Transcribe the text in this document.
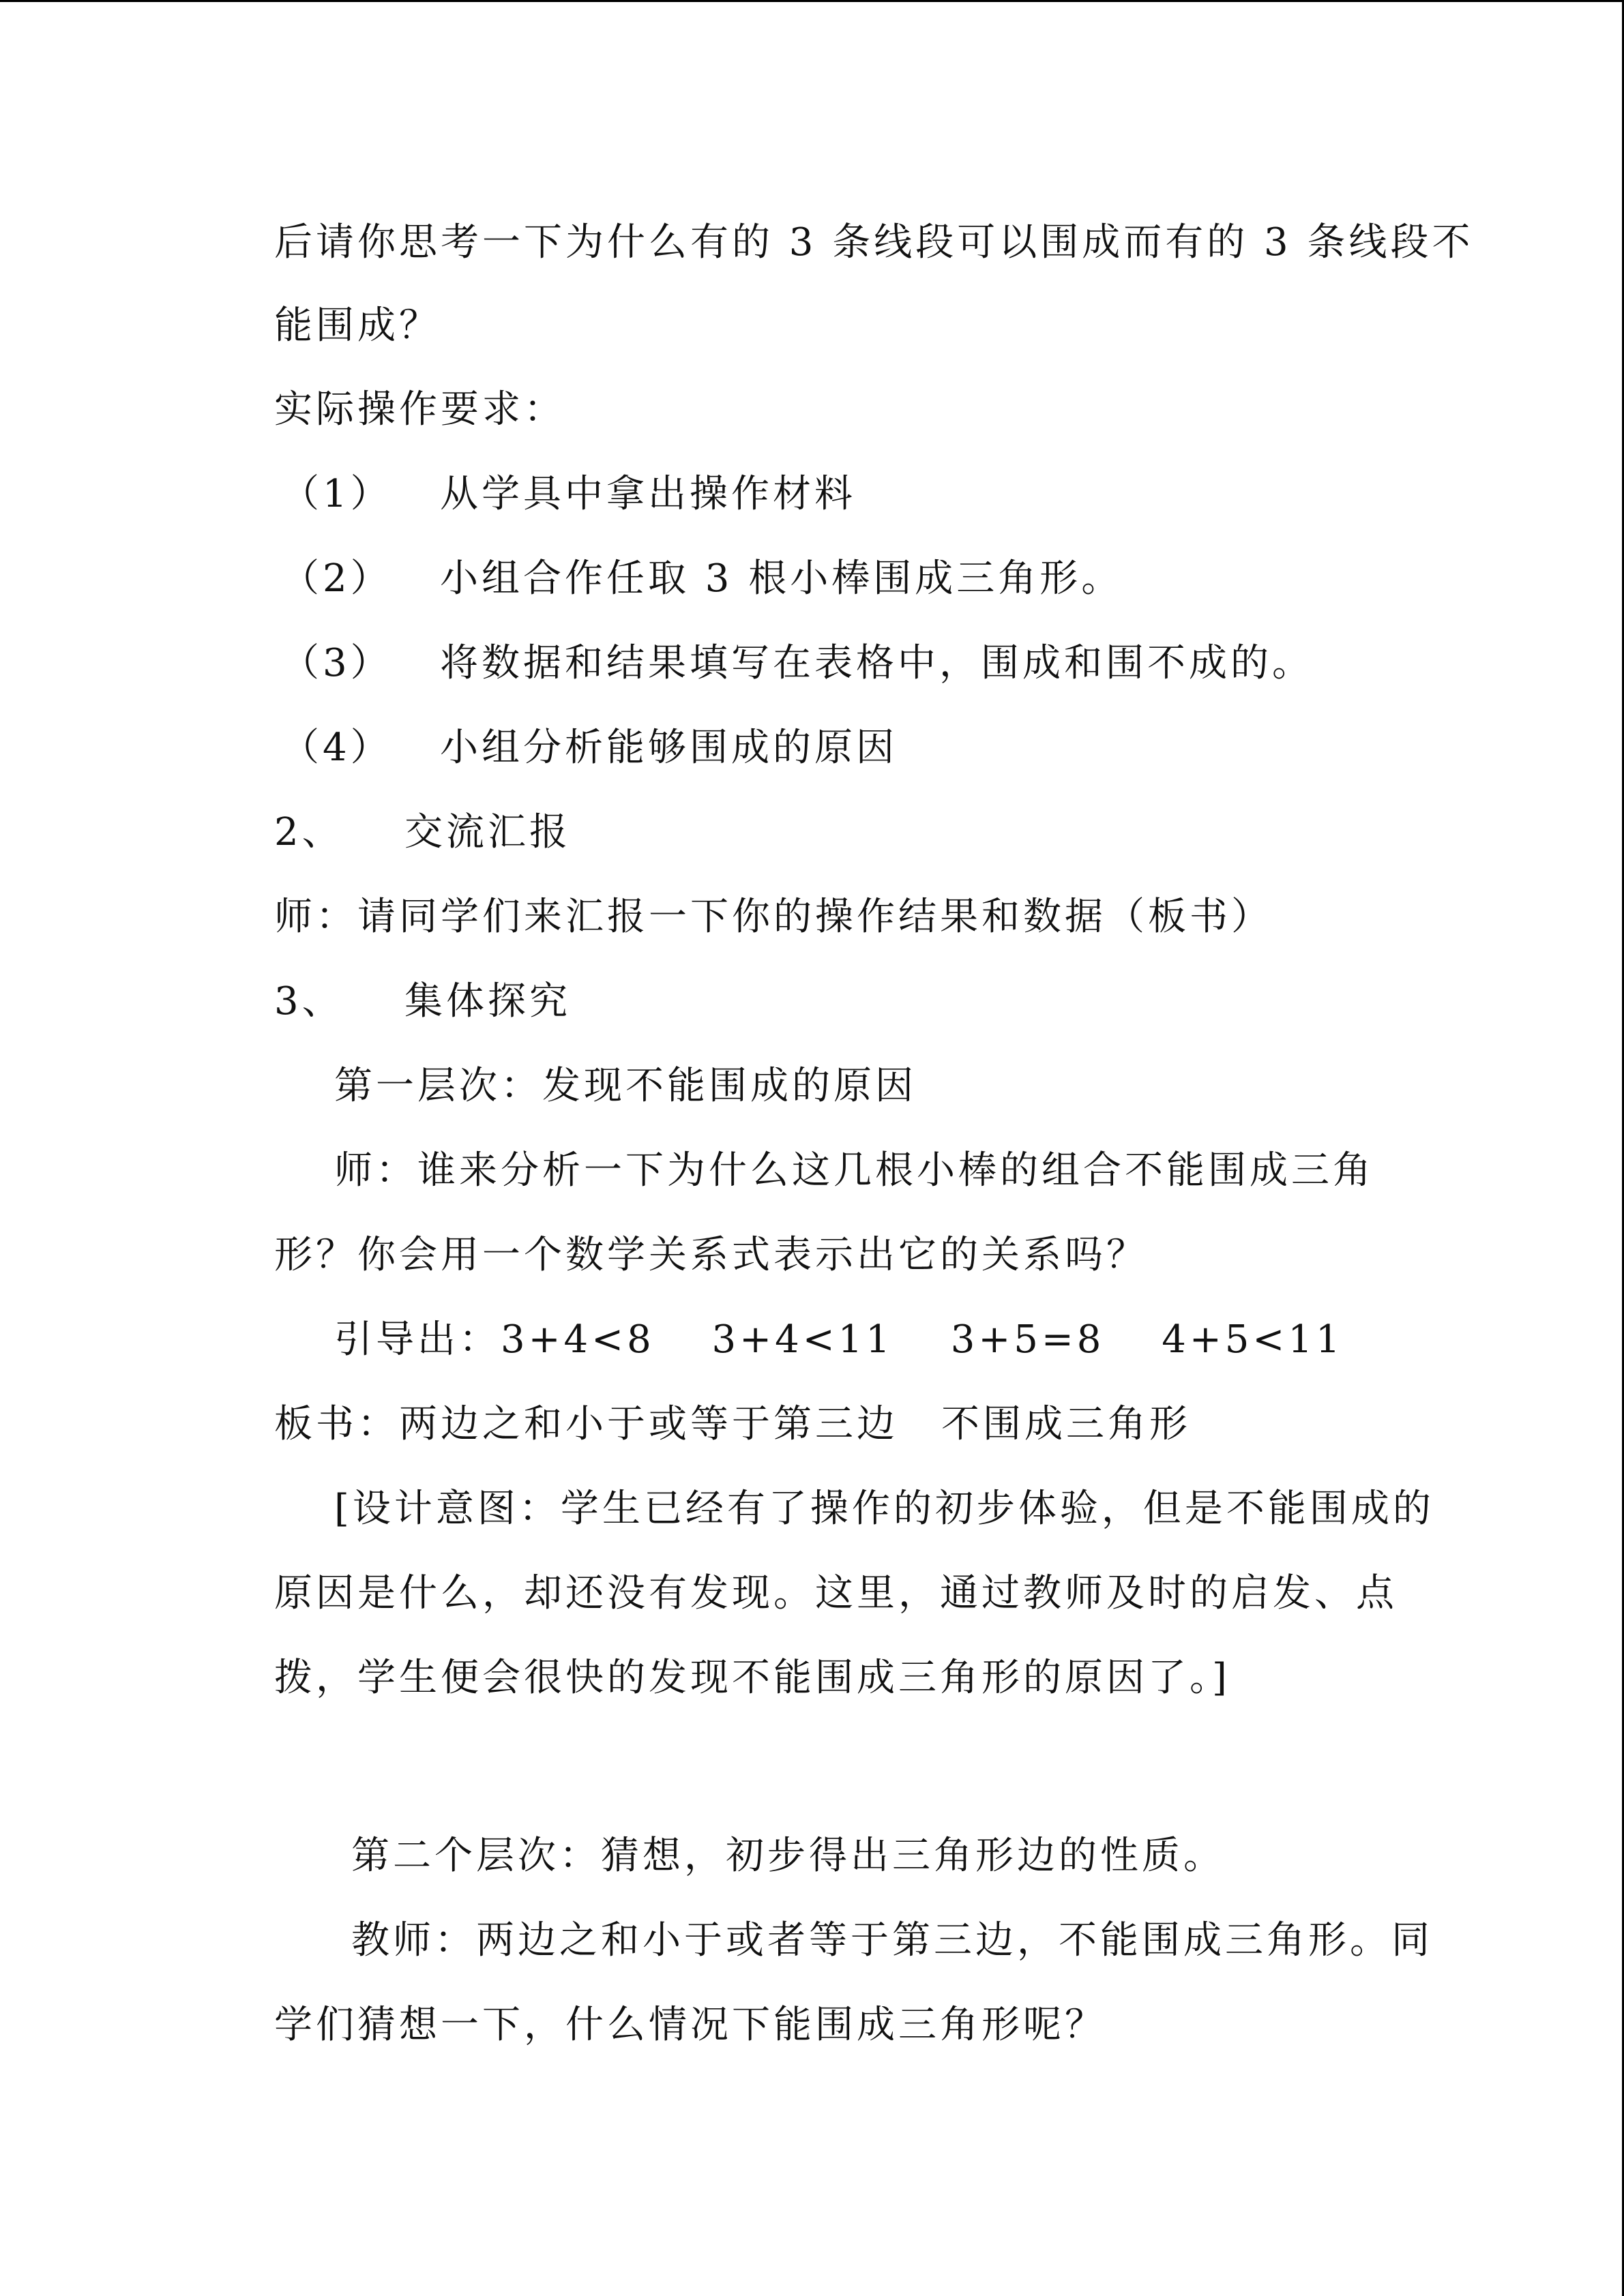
后请你思考一下为什么有的 3 条线段可以围成而有的 3 条线段不
能围成？
实际操作要求：
（1） 从学具中拿出操作材料
（2） 小组合作任取 3 根小棒围成三角形。
（3） 将数据和结果填写在表格中，围成和围不成的。
（4） 小组分析能够围成的原因
2、 交流汇报
师：请同学们来汇报一下你的操作结果和数据（板书）
3、 集体探究
第一层次：发现不能围成的原因
师：谁来分析一下为什么这几根小棒的组合不能围成三角
形？你会用一个数学关系式表示出它的关系吗？
引导出：3+4<8　 3+4<11　 3+5=8　 4+5<11
板书：两边之和小于或等于第三边 不围成三角形
[设计意图：学生已经有了操作的初步体验，但是不能围成的
原因是什么，却还没有发现。这里，通过教师及时的启发、点
拨，学生便会很快的发现不能围成三角形的原因了。]
第二个层次：猜想，初步得出三角形边的性质。
教师：两边之和小于或者等于第三边，不能围成三角形。同
学们猜想一下，什么情况下能围成三角形呢？
